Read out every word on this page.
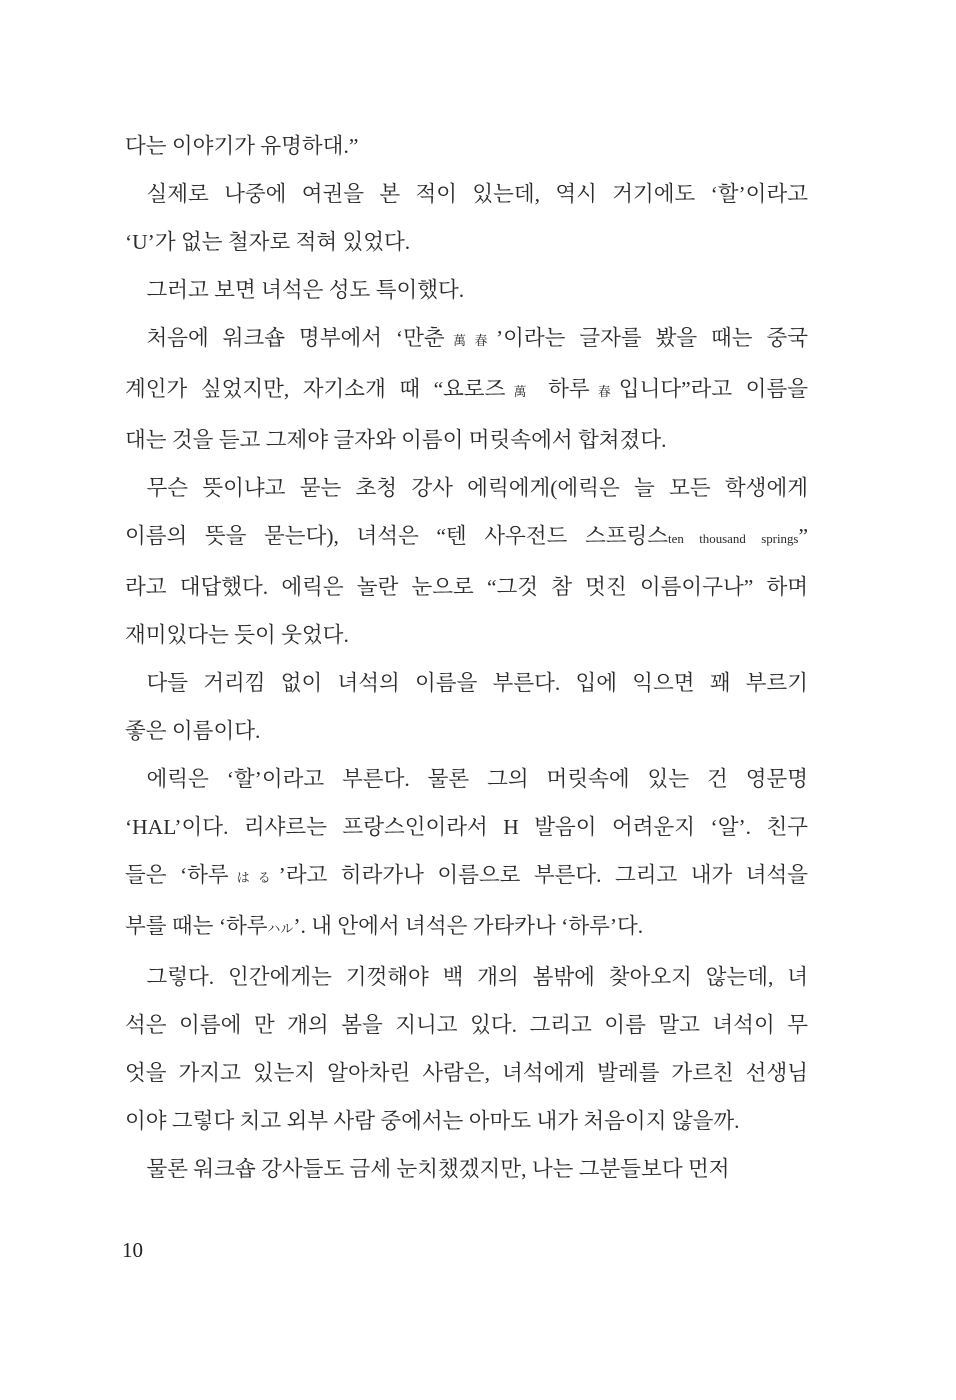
다는 이야기가 유명하대.”
실제로 나중에 여권을 본 적이 있는데, 역시 거기에도 ‘할’이라고
‘U’가 없는 철자로 적혀 있었다.
그러고 보면 녀석은 성도 특이했다.
처음에 워크숍 명부에서 ‘만춘萬春’이라는 글자를 봤을 때는 중국
계인가 싶었지만, 자기소개 때 “요로즈萬 하루春입니다”라고 이름을
대는 것을 듣고 그제야 글자와 이름이 머릿속에서 합쳐졌다.
무슨 뜻이냐고 묻는 초청 강사 에릭에게(에릭은 늘 모든 학생에게
이름의 뜻을 묻는다), 녀석은 “텐 사우전드 스프링스ten thousand springs”
라고 대답했다. 에릭은 놀란 눈으로 “그것 참 멋진 이름이구나” 하며
재미있다는 듯이 웃었다.
다들 거리낌 없이 녀석의 이름을 부른다. 입에 익으면 꽤 부르기
좋은 이름이다.
에릭은 ‘할’이라고 부른다. 물론 그의 머릿속에 있는 건 영문명
‘HAL’이다. 리샤르는 프랑스인이라서 H 발음이 어려운지 ‘알’. 친구
들은 ‘하루はる’라고 히라가나 이름으로 부른다. 그리고 내가 녀석을
부를 때는 ‘하루ハル’. 내 안에서 녀석은 가타카나 ‘하루’다.
그렇다. 인간에게는 기껏해야 백 개의 봄밖에 찾아오지 않는데, 녀
석은 이름에 만 개의 봄을 지니고 있다. 그리고 이름 말고 녀석이 무
엇을 가지고 있는지 알아차린 사람은, 녀석에게 발레를 가르친 선생님
이야 그렇다 치고 외부 사람 중에서는 아마도 내가 처음이지 않을까.
물론 워크숍 강사들도 금세 눈치챘겠지만, 나는 그분들보다 먼저
10
